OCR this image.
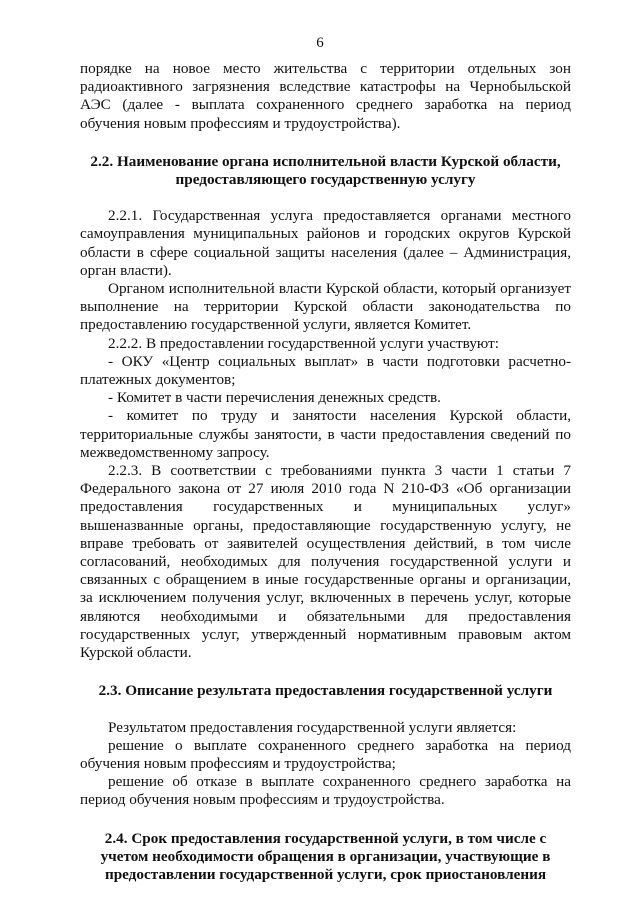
6

порядке на новое место жительства с территории отдельных зон радиоактивного загрязнения вследствие катастрофы на Чернобыльской АЭС (далее - выплата сохраненного среднего заработка на период обучения новым профессиям и трудоустройства).

2.2. Наименование органа исполнительной власти Курской области, предоставляющего государственную услугу

2.2.1. Государственная услуга предоставляется органами местного самоуправления муниципальных районов и городских округов Курской области в сфере социальной защиты населения (далее – Администрация, орган власти).

Органом исполнительной власти Курской области, который организует выполнение на территории Курской области законодательства по предоставлению государственной услуги, является Комитет.

2.2.2. В предоставлении государственной услуги участвуют:

- ОКУ «Центр социальных выплат» в части подготовки расчетно-платежных документов;

- Комитет в части перечисления денежных средств.

- комитет по труду и занятости населения Курской области, территориальные службы занятости, в части предоставления сведений по межведомственному запросу.

2.2.3. В соответствии с требованиями пункта 3 части 1 статьи 7 Федерального закона от 27 июля 2010 года N 210-ФЗ «Об организации предоставления государственных и муниципальных услуг» вышеназванные органы, предоставляющие государственную услугу, не вправе требовать от заявителей осуществления действий, в том числе согласований, необходимых для получения государственной услуги и связанных с обращением в иные государственные органы и организации, за исключением получения услуг, включенных в перечень услуг, которые являются необходимыми и обязательными для предоставления государственных услуг, утвержденный нормативным правовым актом Курской области.

2.3. Описание результата предоставления государственной услуги

Результатом предоставления государственной услуги является:

решение о выплате сохраненного среднего заработка на период обучения новым профессиям и трудоустройства;

решение об отказе в выплате сохраненного среднего заработка на период обучения новым профессиям и трудоустройства.

2.4. Срок предоставления государственной услуги, в том числе с учетом необходимости обращения в организации, участвующие в предоставлении государственной услуги, срок приостановления
